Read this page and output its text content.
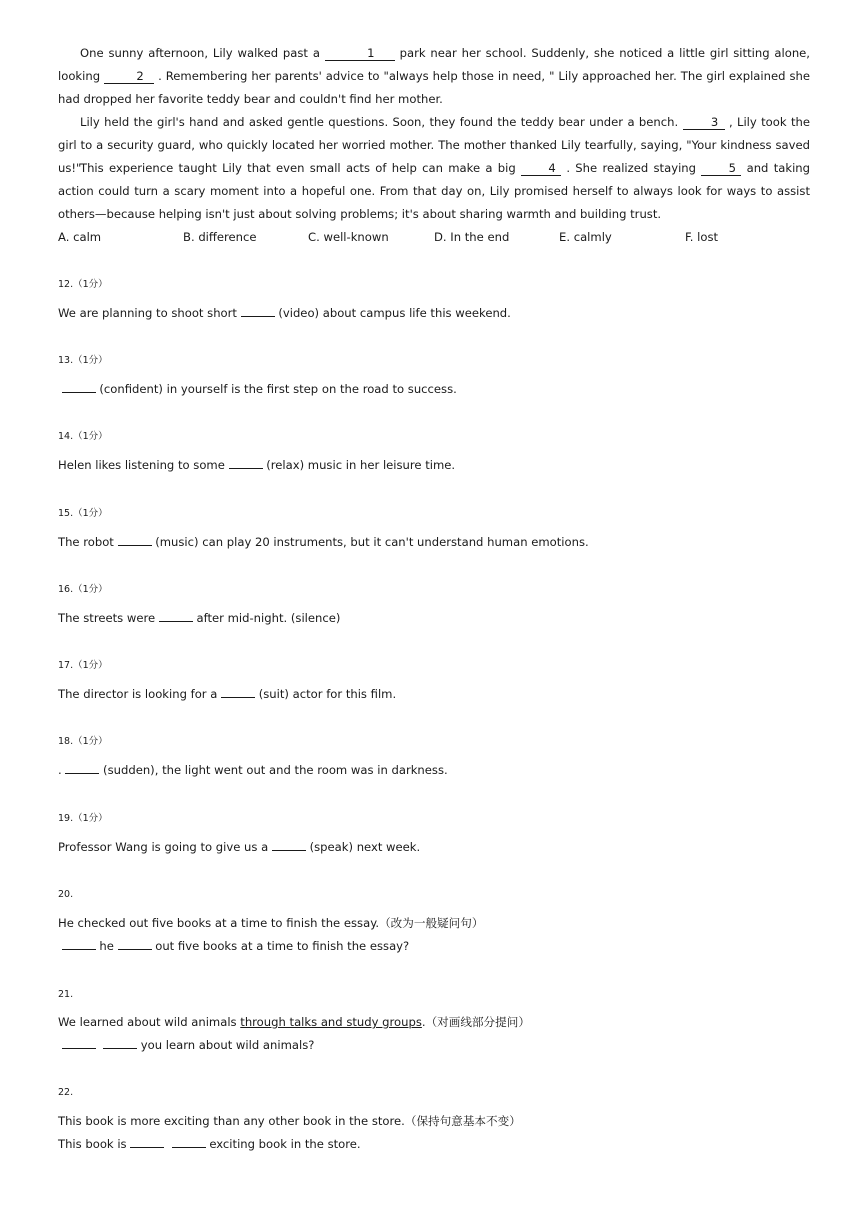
One sunny afternoon, Lily walked past a	1 park near her school. Suddenly, she noticed a little girl sitting alone, looking	2 . Remembering her parents' advice to "always help those in need, " Lily approached her. The girl explained she had dropped her favorite teddy bear and couldn't find her mother.

Lily held the girl's hand and asked gentle questions. Soon, they found the teddy bear under a bench. 3 , Lily took the girl to a security guard, who quickly located her worried mother. The mother thanked Lily tearfully, saying, "Your kindness saved us!"

This experience taught Lily that even small acts of help can make a big 4 . She realized staying 5 and taking action could turn a scary moment into a hopeful one. From that day on, Lily promised herself to always look for ways to assist others—because helping isn't just about solving problems; it's about sharing warmth and building trust.

A. calm	B. difference	C. well-known	D. In the end	E. calmly	F. lost
12.（1分）
We are planning to shoot short	(video) about campus life this weekend.
13.（1分）
(confident) in yourself is the first step on the road to success.
14.（1分）
Helen likes listening to some	(relax) music in her leisure time.
15.（1分）
The robot	(music) can play 20 instruments, but it can't understand human emotions.
16.（1分）
The streets were	after mid-night. (silence)
17.（1分）
The director is looking for a	(suit) actor for this film.
18.（1分）
.	(sudden), the light went out and the room was in darkness.
19.（1分）
Professor Wang is going to give us a	(speak) next week.
20.
He checked out five books at a time to finish the essay.（改为一般疑问句）
he	out five books at a time to finish the essay?
21.
We learned about wild animals through talks and study groups.（对画线部分提问）
you learn about wild animals?
22.
This book is more exciting than any other book in the store.（保持句意基本不变）
This book is	exciting book in the store.
